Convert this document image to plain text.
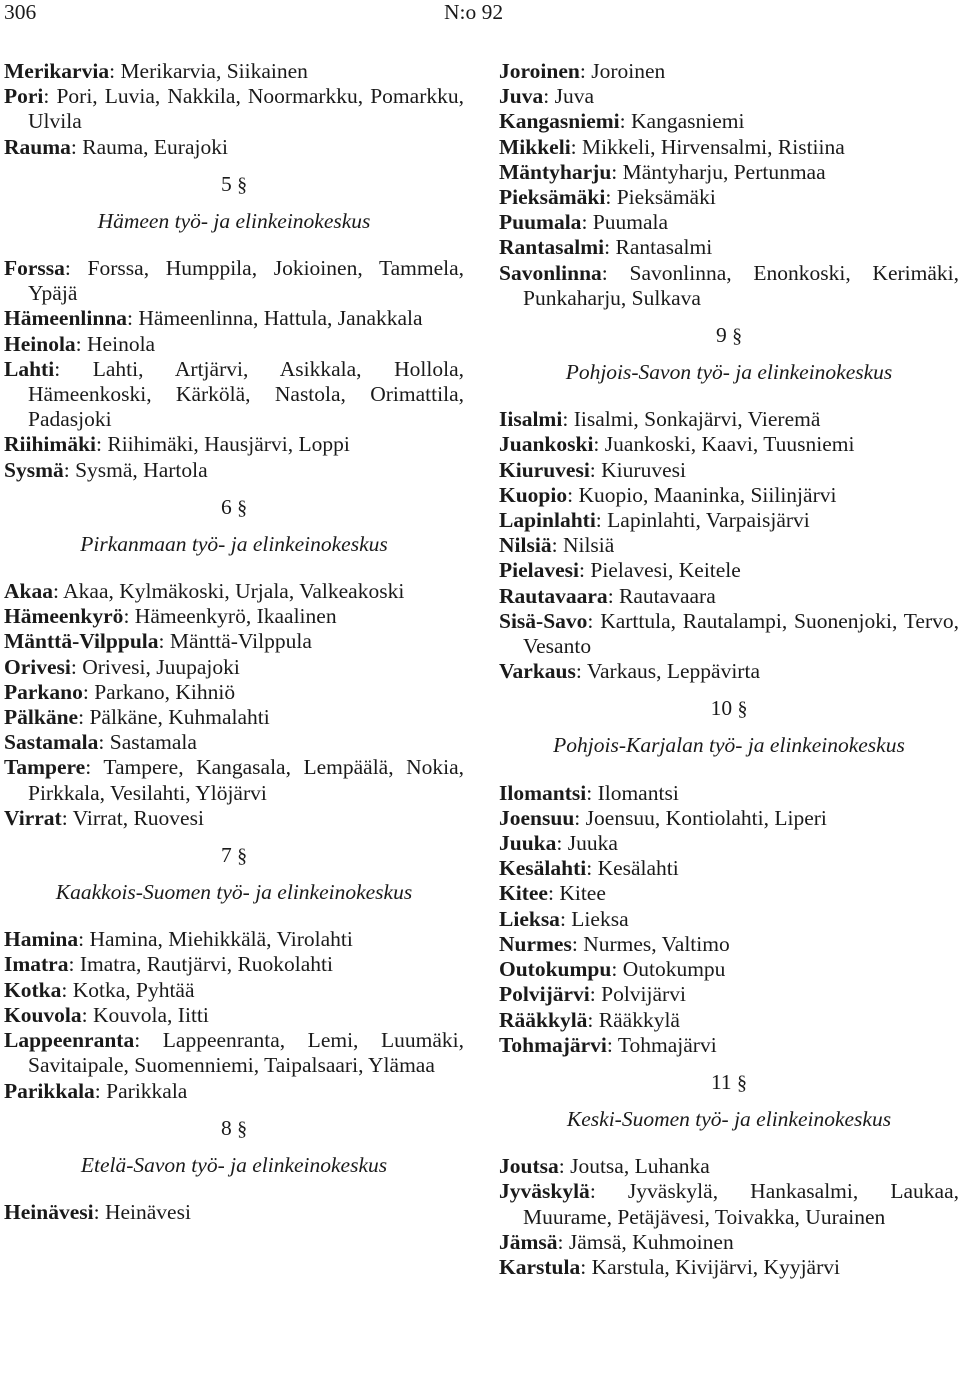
306	N:o 92

Merikarvia: Merikarvia, Siikainen

Pori: Pori, Luvia, Nakkila, Noormarkku, Pomarkku, Ulvila

Rauma: Rauma, Eurajoki

5 §
Hämeen työ- ja elinkeinokeskus

Forssa: Forssa, Humppila, Jokioinen, Tammela, Ypäjä

Hämeenlinna: Hämeenlinna, Hattula, Janakkala

Heinola: Heinola

Lahti: Lahti, Artjärvi, Asikkala, Hollola, Hämeenkoski, Kärkölä, Nastola, Orimattila, Padasjoki

Riihimäki: Riihimäki, Hausjärvi, Loppi

Sysmä: Sysmä, Hartola

6 §
Pirkanmaan työ- ja elinkeinokeskus

Akaa: Akaa, Kylmäkoski, Urjala, Valkeakoski

Hämeenkyrö: Hämeenkyrö, Ikaalinen

Mänttä-Vilppula: Mänttä-Vilppula

Orivesi: Orivesi, Juupajoki

Parkano: Parkano, Kihniö

Pälkäne: Pälkäne, Kuhmalahti

Sastamala: Sastamala

Tampere: Tampere, Kangasala, Lempäälä, Nokia, Pirkkala, Vesilahti, Ylöjärvi

Virrat: Virrat, Ruovesi

7 §
Kaakkois-Suomen työ- ja elinkeinokeskus

Hamina: Hamina, Miehikkälä, Virolahti

Imatra: Imatra, Rautjärvi, Ruokolahti

Kotka: Kotka, Pyhtää

Kouvola: Kouvola, Iitti

Lappeenranta: Lappeenranta, Lemi, Luumäki, Savitaipale, Suomenniemi, Taipalsaari, Ylämaa

Parikkala: Parikkala

8 §
Etelä-Savon työ- ja elinkeinokeskus

Heinävesi: Heinävesi

Joroinen: Joroinen

Juva: Juva

Kangasniemi: Kangasniemi

Mikkeli: Mikkeli, Hirvensalmi, Ristiina

Mäntyharju: Mäntyharju, Pertunmaa

Pieksämäki: Pieksämäki

Puumala: Puumala

Rantasalmi: Rantasalmi

Savonlinna: Savonlinna, Enonkoski, Kerimäki, Punkaharju, Sulkava

9 §
Pohjois-Savon työ- ja elinkeinokeskus

Iisalmi: Iisalmi, Sonkajärvi, Vieremä

Juankoski: Juankoski, Kaavi, Tuusniemi

Kiuruvesi: Kiuruvesi

Kuopio: Kuopio, Maaninka, Siilinjärvi

Lapinlahti: Lapinlahti, Varpaisjärvi

Nilsiä: Nilsiä

Pielavesi: Pielavesi, Keitele

Rautavaara: Rautavaara

Sisä-Savo: Karttula, Rautalampi, Suonenjoki, Tervo, Vesanto

Varkaus: Varkaus, Leppävirta

10 §
Pohjois-Karjalan työ- ja elinkeinokeskus

Ilomantsi: Ilomantsi

Joensuu: Joensuu, Kontiolahti, Liperi

Juuka: Juuka

Kesälahti: Kesälahti

Kitee: Kitee

Lieksa: Lieksa

Nurmes: Nurmes, Valtimo

Outokumpu: Outokumpu

Polvijärvi: Polvijärvi

Rääkkylä: Rääkkylä

Tohmajärvi: Tohmajärvi

11 §
Keski-Suomen työ- ja elinkeinokeskus

Joutsa: Joutsa, Luhanka

Jyväskylä: Jyväskylä, Hankasalmi, Laukaa, Muurame, Petäjävesi, Toivakka, Uurainen

Jämsä: Jämsä, Kuhmoinen

Karstula: Karstula, Kivijärvi, Kyyjärvi
